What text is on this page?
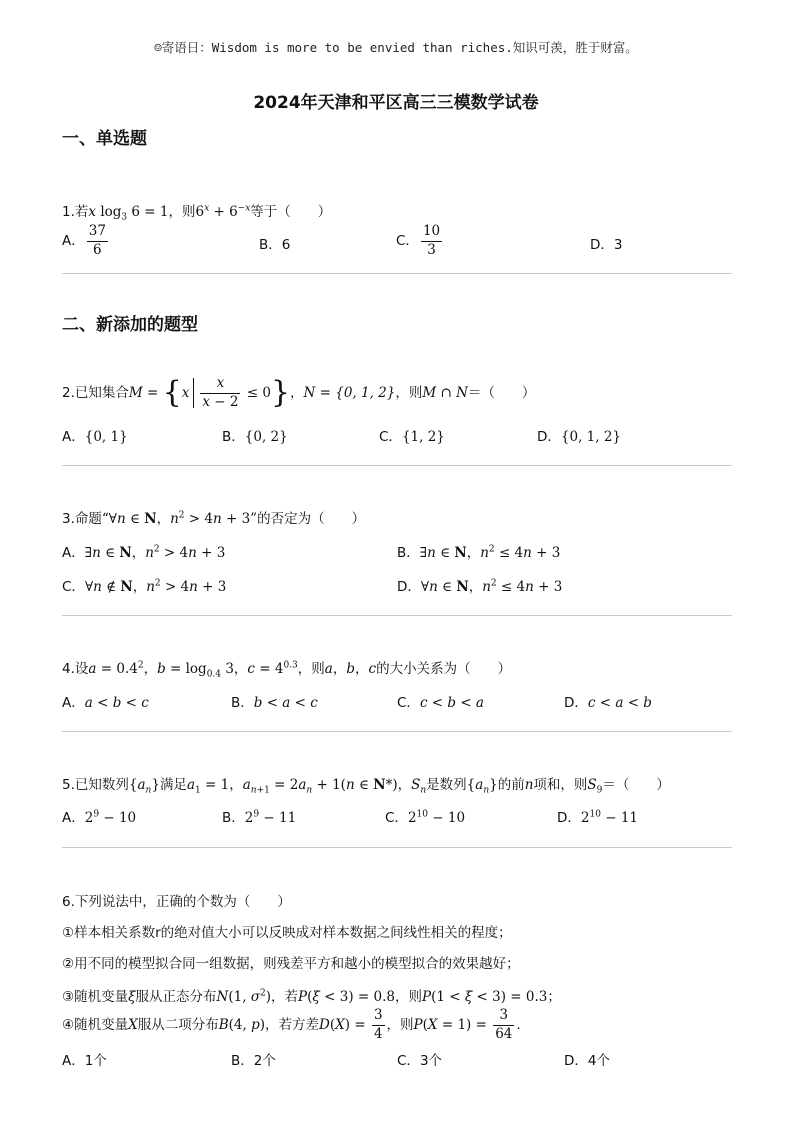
☺寄语日：Wisdom is more to be envied than riches.知识可羡，胜于财富。
2024年天津和平区高三三模数学试卷
一、单选题
1.若x $\log_3 6 = 1$，则$6^x + 6^{-x}$等于（　　）
A． $\frac{37}{6}$	B．6	C． $\frac{10}{3}$	D．3
二、新添加的题型
2.已知集合$M = \{x \frac{x}{x - 2} \le 0\}$，N = {0, 1, 2}，则M ∩ N＝（　　）
A．{0, 1}	B．{0, 2}	C．{1, 2}	D．{0, 1, 2}
3.命题“∀n ∈ N，$n^2 > 4n + 3$”的否定为（　　）
A．∃n ∈ N，$n^2 > 4n + 3$	B．∃n ∈ N，$n^2 \le 4n + 3$
C．∀n ∉ N，$n^2 > 4n + 3$	D．∀n ∈ N，$n^2 \le 4n + 3$
4.设$a = 0.4^2$，$b = \log_{0.4} 3$，$c = 4^{0.3}$，则a，b，c的大小关系为（　　）
A．a < b < c	B．b < a < c	C．c < b < a	D．c < a < b
5.已知数列$\{a_n\}$满足$a_1 = 1$，$a_{n+1} = 2a_n + 1(n$ ∈ N*)，$S_n$是数列$\{a_n\}$的前n项和，则$S_9=$（　　）
A．$2^9 - 10$	B．$2^9 - 11$	C．$2^{10} - 10$	D．$2^{10} - 11$
6.下列说法中，正确的个数为（　　）
①样本相关系数r的绝对值大小可以反映成对样本数据之间线性相关的程度；
②用不同的模型拟合同一组数据，则残差平方和越小的模型拟合的效果越好；
③随机变量ξ服从正态分布N(1, $\sigma^2$)，若P(ξ < 3) = 0.8，则P(1 < ξ < 3) = 0.3；
④随机变量X服从二项分布B(4, p)，若方差$D(X) = \frac{3}{4}$ ，则$P(X = 1) = \frac{3}{64}$ .
A．1个	B．2个	C．3个	D．4个
